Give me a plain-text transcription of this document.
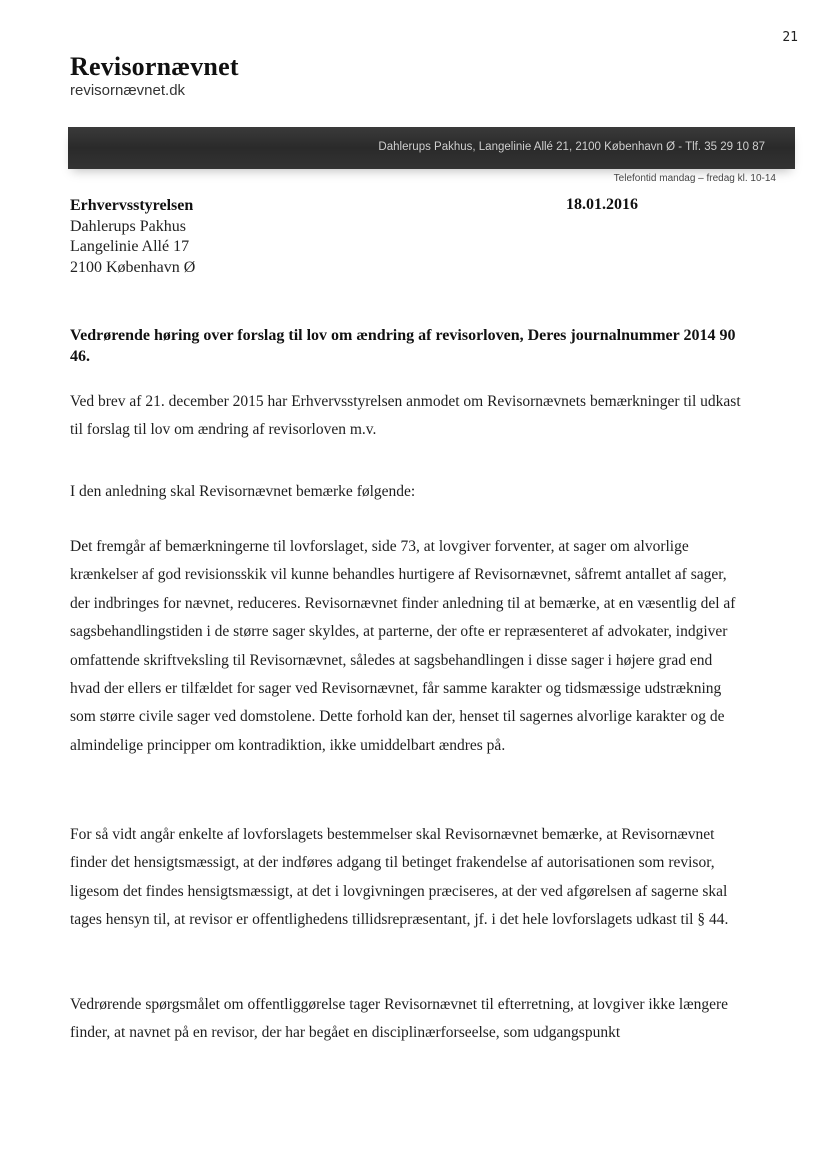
21
Revisornævnet
revisornævnet.dk
Dahlerups Pakhus, Langelinie Allé 21, 2100 København Ø - Tlf. 35 29 10 87
Telefontid mandag – fredag kl. 10-14
Erhvervsstyrelsen
Dahlerups Pakhus
Langelinie Allé 17
2100 København Ø
18.01.2016
Vedrørende høring over forslag til lov om ændring af revisorloven, Deres journalnummer 2014 90 46.
Ved brev af 21. december 2015 har Erhvervsstyrelsen anmodet om Revisornævnets bemærkninger til udkast til forslag til lov om ændring af revisorloven m.v.
I den anledning skal Revisornævnet bemærke følgende:
Det fremgår af bemærkningerne til lovforslaget, side 73, at lovgiver forventer, at sager om alvorlige krænkelser af god revisionsskik vil kunne behandles hurtigere af Revisornævnet, såfremt antallet af sager, der indbringes for nævnet, reduceres. Revisornævnet finder anledning til at bemærke, at en væsentlig del af sagsbehandlingstiden i de større sager skyldes, at parterne, der ofte er repræsenteret af advokater, indgiver omfattende skriftveksling til Revisornævnet, således at sagsbehandlingen i disse sager i højere grad end hvad der ellers er tilfældet for sager ved Revisornævnet, får samme karakter og tidsmæssige udstrækning som større civile sager ved domstolene. Dette forhold kan der, henset til sagernes alvorlige karakter og de almindelige principper om kontradiktion, ikke umiddelbart ændres på.
For så vidt angår enkelte af lovforslagets bestemmelser skal Revisornævnet bemærke, at Revisornævnet finder det hensigtsmæssigt, at der indføres adgang til betinget frakendelse af autorisationen som revisor, ligesom det findes hensigtsmæssigt, at det i lovgivningen præciseres, at der ved afgørelsen af sagerne skal tages hensyn til, at revisor er offentlighedens tillidsrepræsentant, jf. i det hele lovforslagets udkast til § 44.
Vedrørende spørgsmålet om offentliggørelse tager Revisornævnet til efterretning, at lovgiver ikke længere finder, at navnet på en revisor, der har begået en disciplinærforseelse, som udgangspunkt
